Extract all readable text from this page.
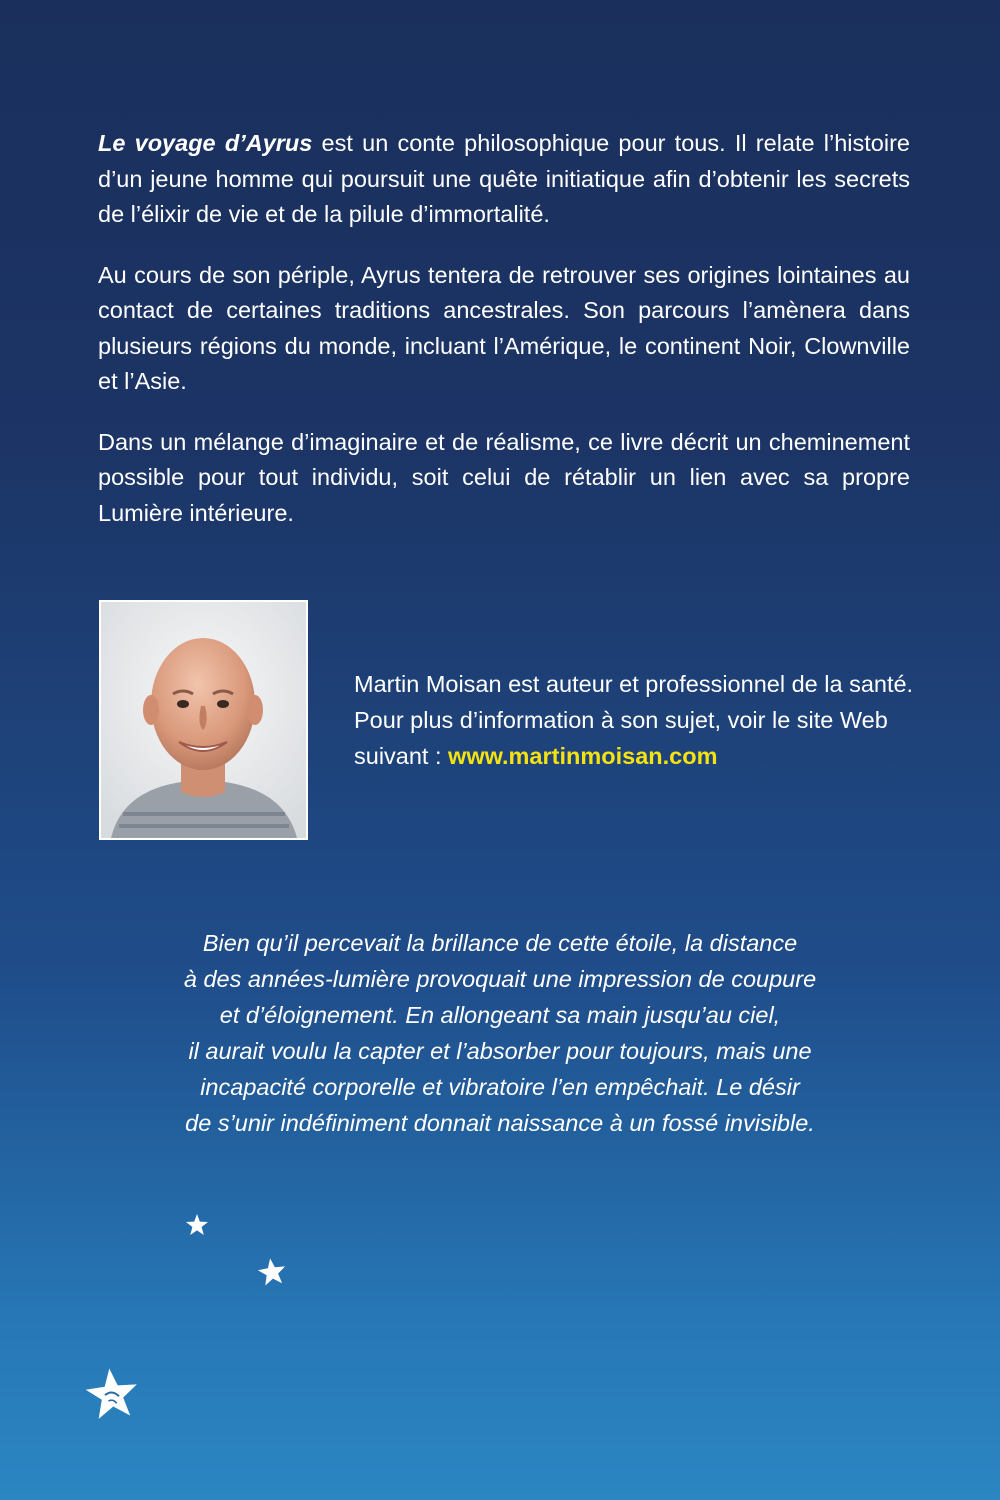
Le voyage d’Ayrus est un conte philosophique pour tous. Il relate l’histoire d’un jeune homme qui poursuit une quête initiatique afin d’obtenir les secrets de l’élixir de vie et de la pilule d’immortalité.

Au cours de son périple, Ayrus tentera de retrouver ses origines lointaines au contact de certaines traditions ancestrales. Son parcours l’amènera dans plusieurs régions du monde, incluant l’Amérique, le continent Noir, Clownville et l’Asie.

Dans un mélange d’imaginaire et de réalisme, ce livre décrit un cheminement possible pour tout individu, soit celui de rétablir un lien avec sa propre Lumière intérieure.

Martin Moisan est auteur et professionnel de la santé. Pour plus d’information à son sujet, voir le site Web suivant : www.martinmoisan.com
Bien qu’il percevait la brillance de cette étoile, la distance
à des années-lumière provoquait une impression de coupure
et d’éloignement. En allongeant sa main jusqu’au ciel,
il aurait voulu la capter et l’absorber pour toujours, mais une
incapacité corporelle et vibratoire l’en empêchait. Le désir
de s’unir indéfiniment donnait naissance à un fossé invisible.
